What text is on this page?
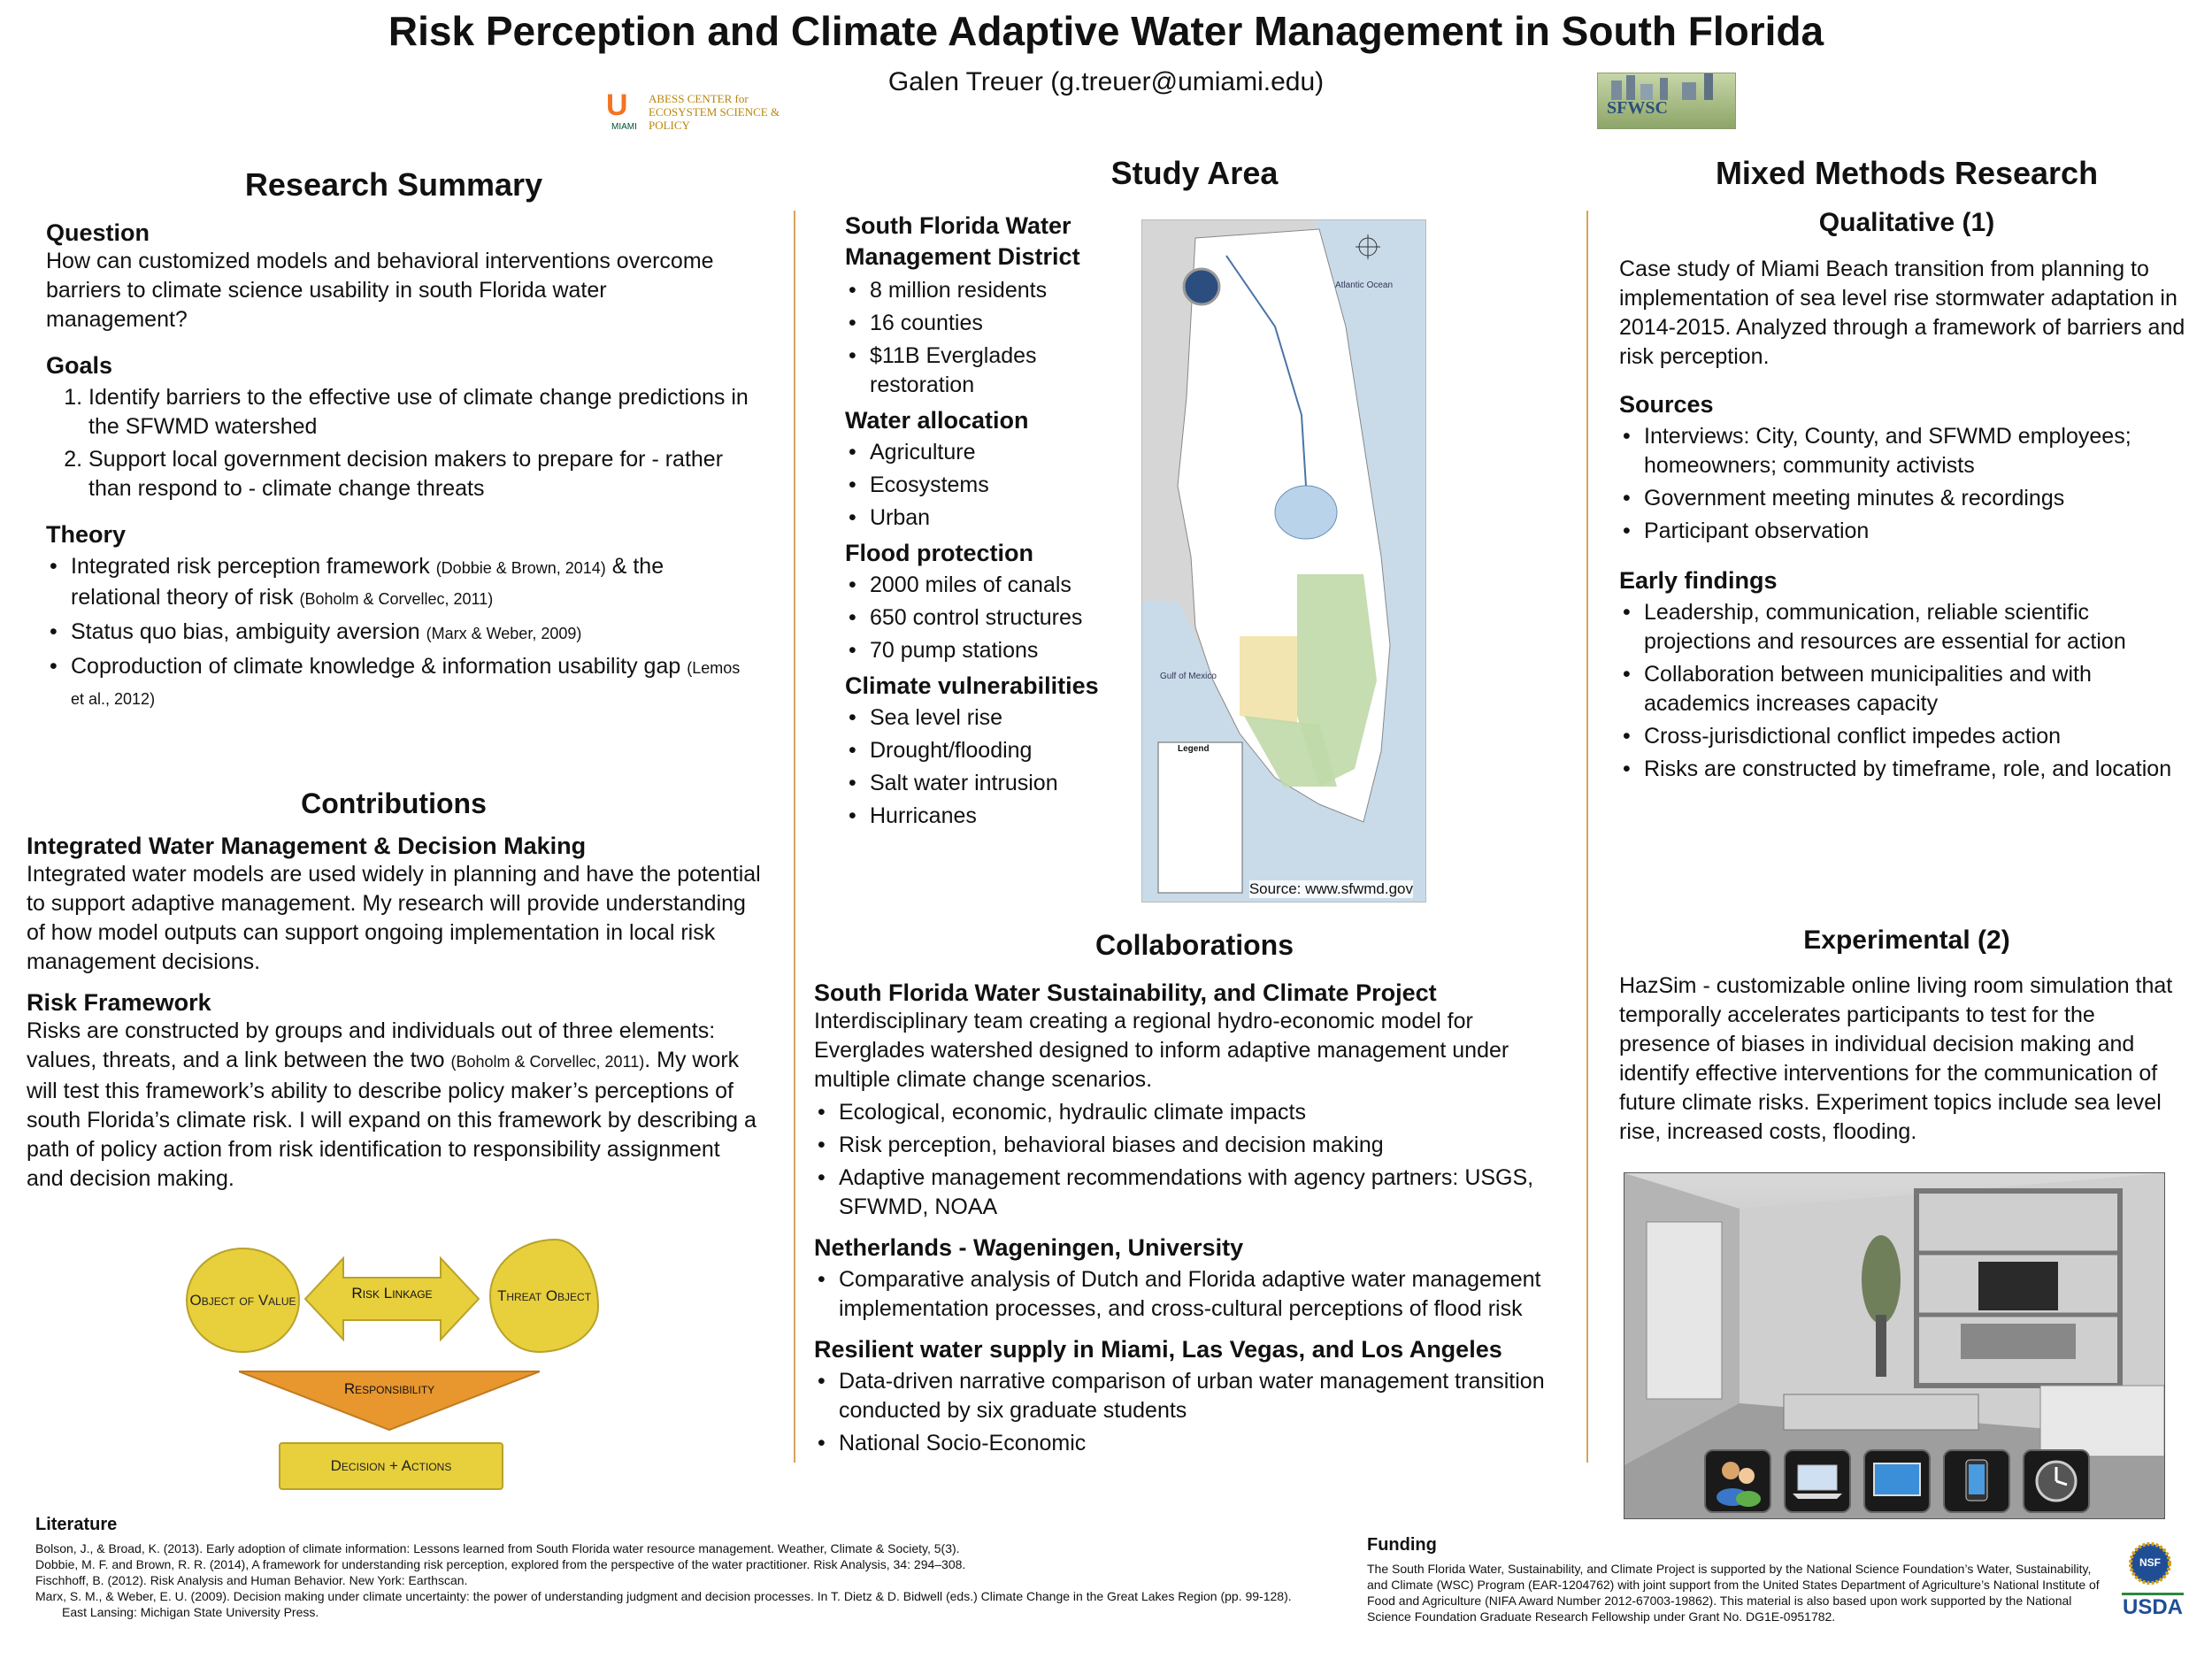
Risk Perception and Climate Adaptive Water Management in South Florida
Galen Treuer (g.treuer@umiami.edu)
U
MIAMI
ABESS CENTER for ECOSYSTEM SCIENCE & POLICY
SFWSC
Research Summary
Question
How can customized models and behavioral interventions overcome barriers to climate science usability in south Florida water management?
Goals
1. Identify barriers to the effective use of climate change predictions in the SFWMD watershed
2. Support local government decision makers to prepare for - rather than respond to - climate change threats
Theory
• Integrated risk perception framework (Dobbie & Brown, 2014) & the relational theory of risk (Boholm & Corvellec, 2011)
• Status quo bias, ambiguity aversion (Marx & Weber, 2009)
• Coproduction of climate knowledge & information usability gap (Lemos et al., 2012)
Contributions
Integrated Water Management & Decision Making
Integrated water models are used widely in planning and have the potential to support adaptive management. My research will provide understanding of how model outputs can support ongoing implementation in local risk management decisions.
Risk Framework
Risks are constructed by groups and individuals out of three elements: values, threats, and a link between the two (Boholm & Corvellec, 2011). My work will test this framework’s ability to describe policy maker’s perceptions of south Florida’s climate risk. I will expand on this framework by describing a path of policy action from risk identification to responsibility assignment and decision making.
Object of Value	Risk Linkage	Threat Object
Responsibility
Decision + Actions
Literature
Bolson, J., & Broad, K. (2013). Early adoption of climate information: Lessons learned from South Florida water resource management. Weather, Climate & Society, 5(3).
Dobbie, M. F. and Brown, R. R. (2014), A framework for understanding risk perception, explored from the perspective of the water practitioner. Risk Analysis, 34: 294–308.
Fischhoff, B. (2012). Risk Analysis and Human Behavior. New York: Earthscan.
Marx, S. M., & Weber, E. U. (2009). Decision making under climate uncertainty: the power of understanding judgment and decision processes. In T. Dietz & D. Bidwell (eds.) Climate Change in the Great Lakes Region (pp. 99-128). East Lansing: Michigan State University Press.
Study Area
South Florida Water Management District
• 8 million residents
• 16 counties
• $11B Everglades restoration
Water allocation
• Agriculture
• Ecosystems
• Urban
Flood protection
• 2000 miles of canals
• 650 control structures
• 70 pump stations
Climate vulnerabilities
• Sea level rise
• Drought/flooding
• Salt water intrusion
• Hurricanes
Atlantic Ocean
Gulf of Mexico
Legend
Source: www.sfwmd.gov
Collaborations
South Florida Water Sustainability, and Climate Project
Interdisciplinary team creating a regional hydro-economic model for Everglades watershed designed to inform adaptive management under multiple climate change scenarios.
• Ecological, economic, hydraulic climate impacts
• Risk perception, behavioral biases and decision making
• Adaptive management recommendations with agency partners: USGS, SFWMD, NOAA
Netherlands - Wageningen, University
• Comparative analysis of Dutch and Florida adaptive water management implementation processes, and cross-cultural perceptions of flood risk
Resilient water supply in Miami, Las Vegas, and Los Angeles
• Data-driven narrative comparison of urban water management transition conducted by six graduate students
• National Socio-Economic
Mixed Methods Research
Qualitative (1)
Case study of Miami Beach transition from planning to implementation of sea level rise stormwater adaptation in 2014-2015. Analyzed through a framework of barriers and risk perception.
Sources
• Interviews: City, County, and SFWMD employees; homeowners; community activists
• Government meeting minutes & recordings
• Participant observation
Early findings
• Leadership, communication, reliable scientific projections and resources are essential for action
• Collaboration between municipalities and with academics increases capacity
• Cross-jurisdictional conflict impedes action
• Risks are constructed by timeframe, role, and location
Experimental (2)
HazSim - customizable online living room simulation that temporally accelerates participants to test for the presence of biases in individual decision making and identify effective interventions for the communication of future climate risks. Experiment topics include sea level rise, increased costs, flooding.
Funding
The South Florida Water, Sustainability, and Climate Project is supported by the National Science Foundation’s Water, Sustainability, and Climate (WSC) Program (EAR-1204762) with joint support from the United States Department of Agriculture’s National Institute of Food and Agriculture (NIFA Award Number 2012-67003-19862). This material is also based upon work supported by the National Science Foundation Graduate Research Fellowship under Grant No. DG1E-0951782.
NSF
USDA
